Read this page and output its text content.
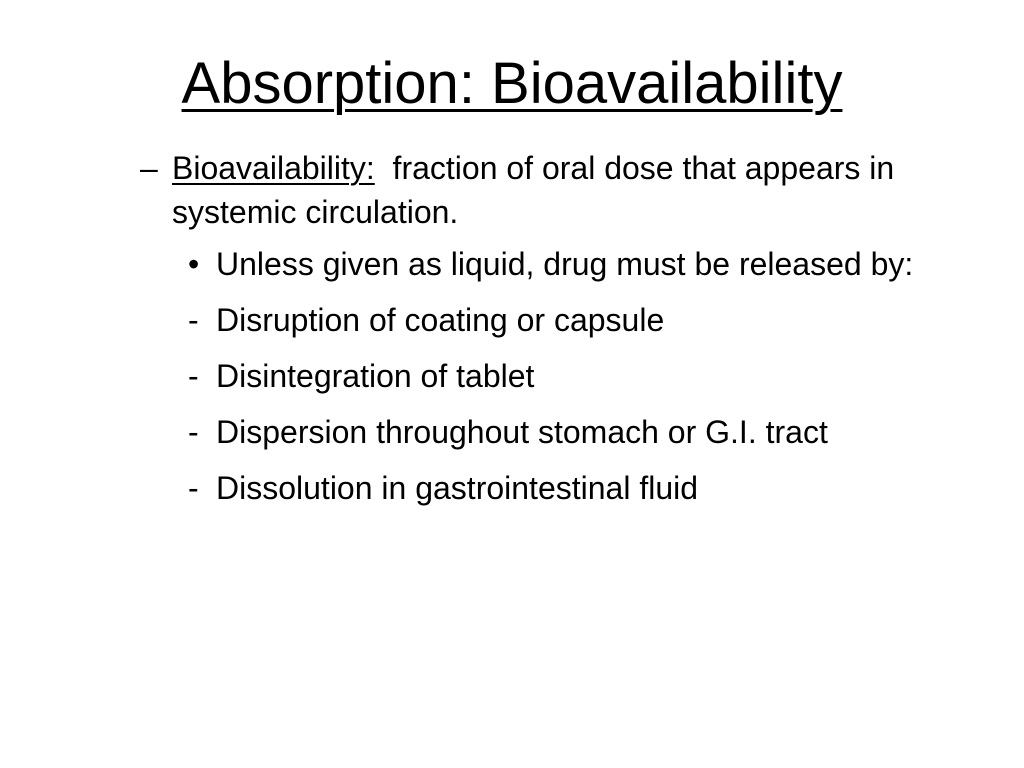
Absorption: Bioavailability
– Bioavailability: fraction of oral dose that appears in systemic circulation.
• Unless given as liquid, drug must be released by:
- Disruption of coating or capsule
- Disintegration of tablet
- Dispersion throughout stomach or G.I. tract
- Dissolution in gastrointestinal fluid
